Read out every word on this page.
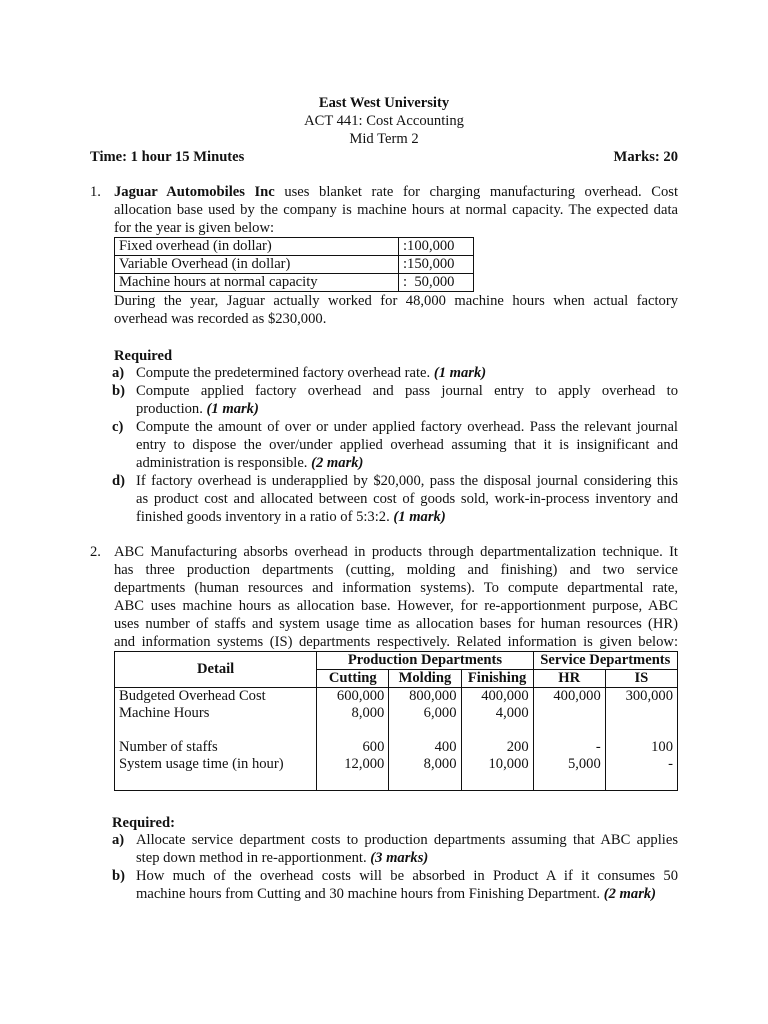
East West University
ACT 441: Cost Accounting
Mid Term 2
Time: 1 hour 15 Minutes	Marks: 20
1. Jaguar Automobiles Inc uses blanket rate for charging manufacturing overhead. Cost
allocation base used by the company is machine hours at normal capacity. The expected data
for the year is given below:
Fixed overhead (in dollar)	:100,000
Variable Overhead (in dollar)	:150,000
Machine hours at normal capacity	:  50,000
During the year, Jaguar actually worked for 48,000 machine hours when actual factory
overhead was recorded as $230,000.
Required
a) Compute the predetermined factory overhead rate. (1 mark)
b) Compute applied factory overhead and pass journal entry to apply overhead to
production. (1 mark)
c) Compute the amount of over or under applied factory overhead. Pass the relevant journal
entry to dispose the over/under applied overhead assuming that it is insignificant and
administration is responsible. (2 mark)
d) If factory overhead is underapplied by $20,000, pass the disposal journal considering this
as product cost and allocated between cost of goods sold, work-in-process inventory and
finished goods inventory in a ratio of 5:3:2. (1 mark)
2. ABC Manufacturing absorbs overhead in products through departmentalization technique. It
has three production departments (cutting, molding and finishing) and two service
departments (human resources and information systems). To compute departmental rate,
ABC uses machine hours as allocation base. However, for re-apportionment purpose, ABC
uses number of staffs and system usage time as allocation bases for human resources (HR)
and information systems (IS) departments respectively. Related information is given below:
Detail	Production Departments			Service Departments	
	Cutting	Molding	Finishing	HR	IS
Budgeted Overhead Cost	600,000	800,000	400,000	400,000	300,000
Machine Hours	8,000	6,000	4,000		

Number of staffs	600	400	200	-	100
System usage time (in hour)	12,000	8,000	10,000	5,000	-

Required:
a) Allocate service department costs to production departments assuming that ABC applies
step down method in re-apportionment. (3 marks)
b) How much of the overhead costs will be absorbed in Product A if it consumes 50
machine hours from Cutting and 30 machine hours from Finishing Department. (2 mark)
